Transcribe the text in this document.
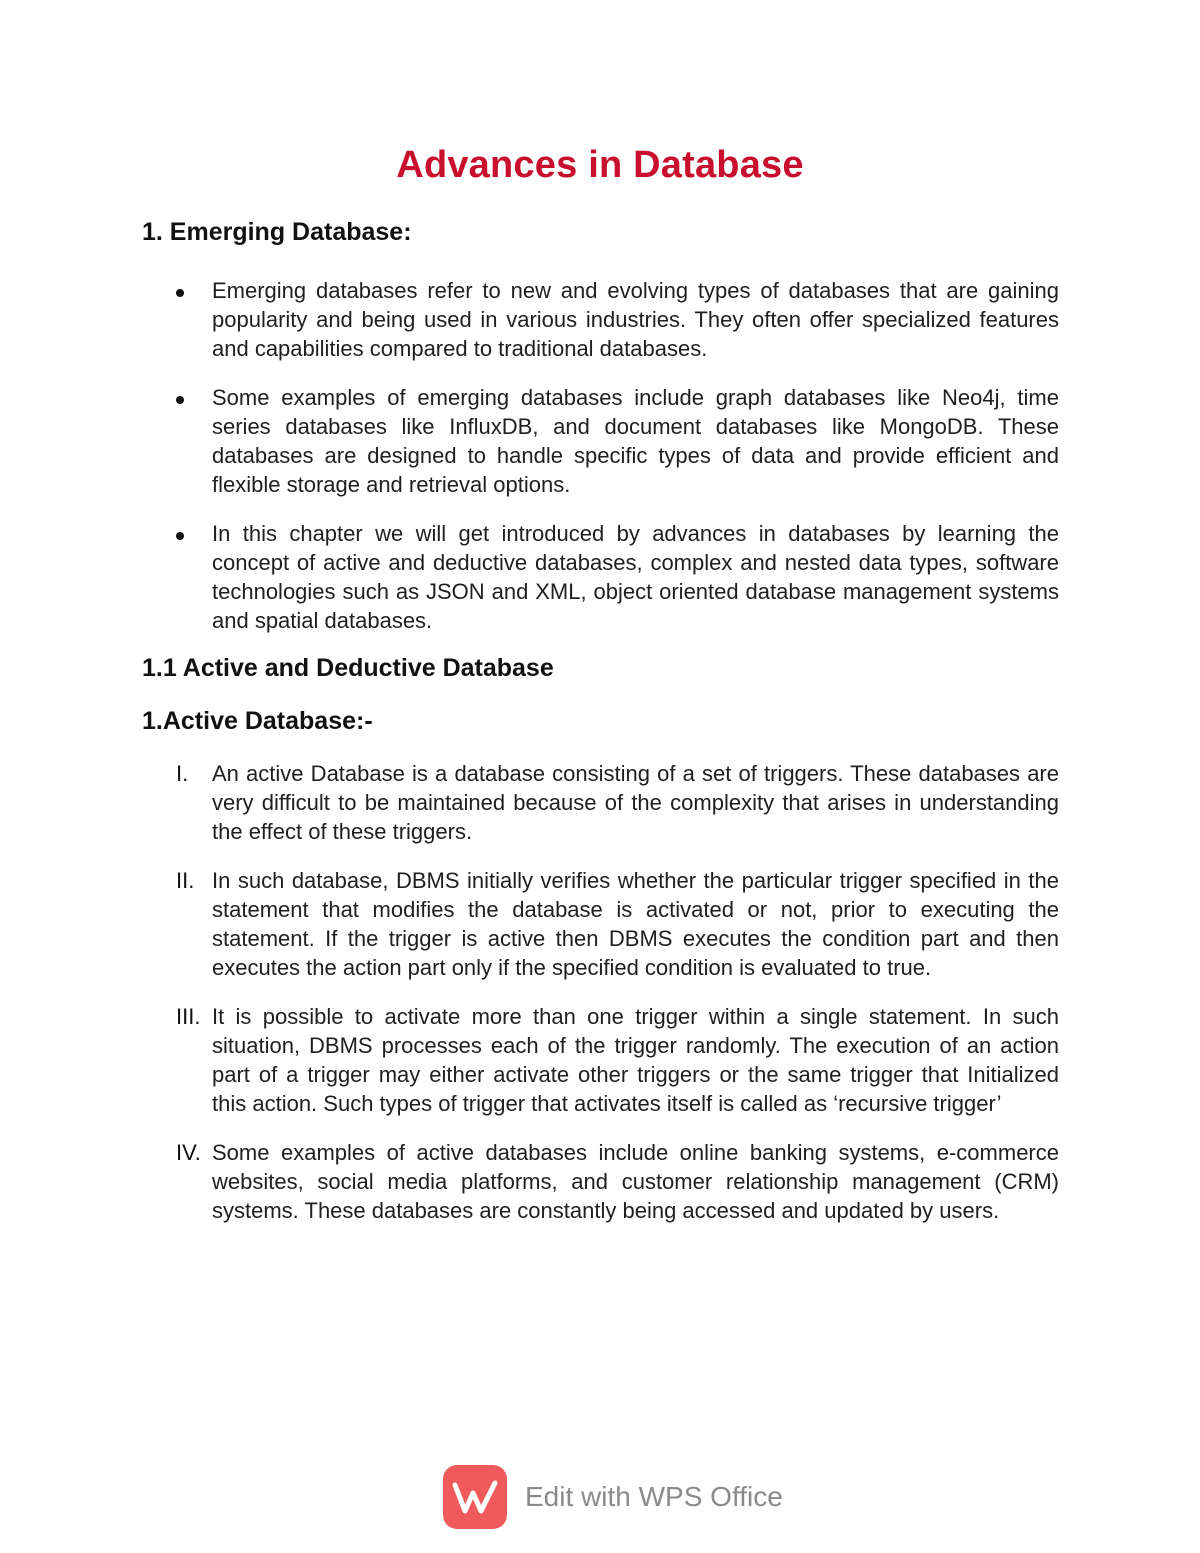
Advances in Database
1. Emerging Database:
Emerging databases refer to new and evolving types of databases that are gaining popularity and being used in various industries. They often offer specialized features and capabilities compared to traditional databases.
Some examples of emerging databases include graph databases like Neo4j, time series databases like InfluxDB, and document databases like MongoDB. These databases are designed to handle specific types of data and provide efficient and flexible storage and retrieval options.
In this chapter we will get introduced by advances in databases by learning the concept of active and deductive databases, complex and nested data types, software technologies such as JSON and XML, object oriented database management systems and spatial databases.
1.1 Active and Deductive Database
1.Active Database:-
I. An active Database is a database consisting of a set of triggers. These databases are very difficult to be maintained because of the complexity that arises in understanding the effect of these triggers.
II. In such database, DBMS initially verifies whether the particular trigger specified in the statement that modifies the database is activated or not, prior to executing the statement. If the trigger is active then DBMS executes the condition part and then executes the action part only if the specified condition is evaluated to true.
III. It is possible to activate more than one trigger within a single statement. In such situation, DBMS processes each of the trigger randomly. The execution of an action part of a trigger may either activate other triggers or the same trigger that Initialized this action. Such types of trigger that activates itself is called as ‘recursive trigger’
IV. Some examples of active databases include online banking systems, e-commerce websites, social media platforms, and customer relationship management (CRM) systems. These databases are constantly being accessed and updated by users.
Edit with WPS Office
